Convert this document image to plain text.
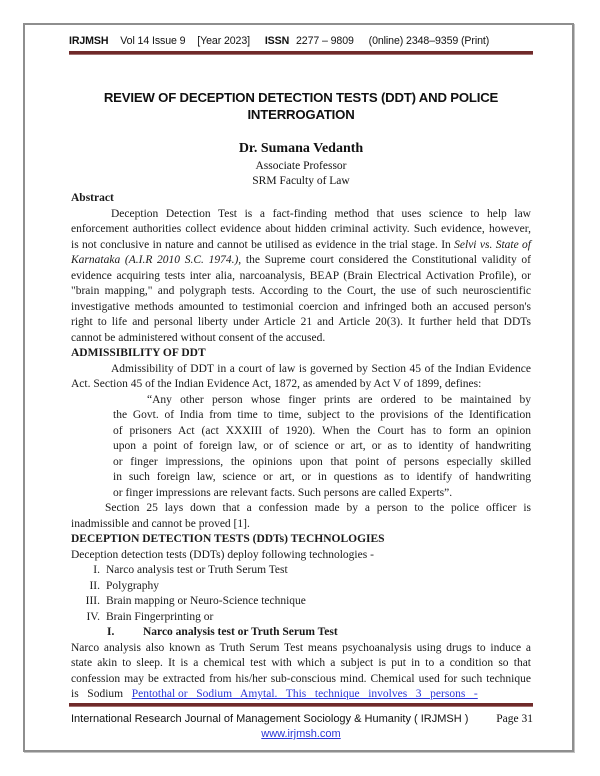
IRJMSH Vol 14 Issue 9 [Year 2023] ISSN 2277 – 9809 (0nline) 2348–9359 (Print)
REVIEW OF DECEPTION DETECTION TESTS (DDT) AND POLICE
INTERROGATION
Dr. Sumana Vedanth
Associate Professor
SRM Faculty of Law
Abstract
Deception Detection Test is a fact-finding method that uses science to help law
enforcement authorities collect evidence about hidden criminal activity. Such evidence, however,
is not conclusive in nature and cannot be utilised as evidence in the trial stage. In Selvi vs. State of
Karnataka (A.I.R 2010 S.C. 1974.), the Supreme court considered the Constitutional validity of
evidence acquiring tests inter alia, narcoanalysis, BEAP (Brain Electrical Activation Profile), or
"brain mapping," and polygraph tests. According to the Court, the use of such neuroscientific
investigative methods amounted to testimonial coercion and infringed both an accused person's
right to life and personal liberty under Article 21 and Article 20(3). It further held that DDTs
cannot be administered without consent of the accused.
ADMISSIBILITY OF DDT
Admissibility of DDT in a court of law is governed by Section 45 of the Indian Evidence
Act. Section 45 of the Indian Evidence Act, 1872, as amended by Act V of 1899, defines:
“Any other person whose finger prints are ordered to be maintained by
the Govt. of India from time to time, subject to the provisions of the Identification
of prisoners Act (act XXXIII of 1920). When the Court has to form an opinion
upon a point of foreign law, or of science or art, or as to identity of handwriting
or finger impressions, the opinions upon that point of persons especially skilled
in such foreign law, science or art, or in questions as to identify of handwriting
or finger impressions are relevant facts. Such persons are called Experts”.
Section 25 lays down that a confession made by a person to the police officer is
inadmissible and cannot be proved [1].
DECEPTION DETECTION TESTS (DDTs) TECHNOLOGIES
Deception detection tests (DDTs) deploy following technologies -
I. Narco analysis test or Truth Serum Test
II. Polygraphy
III. Brain mapping or Neuro-Science technique
IV. Brain Fingerprinting or
I. Narco analysis test or Truth Serum Test
Narco analysis also known as Truth Serum Test means psychoanalysis using drugs to induce a
state akin to sleep. It is a chemical test with which a subject is put in to a condition so that
confession may be extracted from his/her sub-conscious mind. Chemical used for such technique
is   Sodium Pentothal or   Sodium   Amytal.   This   technique   involves   3   persons   -
International Research Journal of Management Sociology & Humanity ( IRJMSH ) Page 31
www.irjmsh.com
